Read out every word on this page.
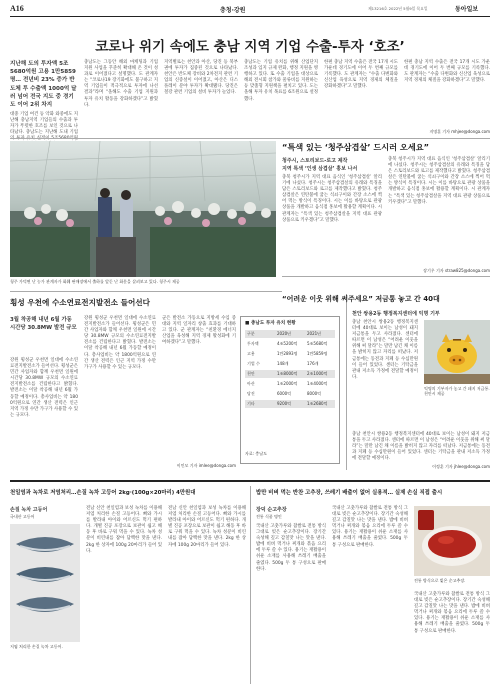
A16	충청·강원	제13216호 2022년 5월9일 목요일	동아일보
코로나 위기 속에도 충남 지역 기업 수출-투자 ‘호조’
지난해 도의 투자액 5조5680억원 고용 1만5859명… 전년비 23% 증가 반도체 투 수출액 1000억 달러 넘어 전국 지도 중 경기도 이어 2위 차지
대중 기업 여건 등 악화 와중에도 지난해 충남지역 기업들의 수출과 투자가 뚜렷한 호조를 보인 것으로 나타났다. 충남도는 지난해 도내 기업
충남도는 그동안 해외 마케팅과 기업 지원 사업을 꾸준히 확대해 온 것이 성과로 이어졌다고 설명했다. 도 관계자는 “코로나19 장기화에도 불구하고 지역 기업들이 적극적으로 투자에 나선 결과”라며 “올해도 수출 기업 지원과 투자 유치 활동을 강화하겠다”고 밝혔다.
지역별로는 천안과 아산, 당진 등 북부권에 투자가 집중된 것으로 나타났다. 천안은 반도체 장비와 2차전지 관련 기업의 신증설이 이어졌고, 아산은 디스플레이 분야 투자가 확대됐다. 당진은 철강 관련 기업의 설비 투자가 늘었다.
충남도는 기업 유치를 위해 산업단지 조성과 입지 규제 완화, 행정 지원을 병행하고 있다. 또 수출 기업을 대상으로 해외 전시회 참가와 물류비를 지원하는 등 맞춤형 지원책을 펼치고 있다. 도는 올해 투자 유치 목표를 6조원으로 설정했다.
한편 충남 지역 수출은 전국 17개 시도 가운데 경기도에 이어 두 번째 규모를 기록했다. 도 관계자는 “수출 다변화와 신산업 육성으로 지역 경제의 체질을 강화하겠다”고 말했다.
한편 충남 지역 수출은 전국 17개 시도 가운데 경기도에 이어 두 번째 규모를 기록했다. 도 관계자는 “수출 다변화와 신산업 육성으로 지역 경제의 체질을 강화하겠다”고 말했다.
지명훈 기자 mhjee@donga.com
“특색 있는 ‘청주삼겹살’ 드시러 오세요”
청주시, 스토리보드-로고 제작
지역 특색 ‘인생 삼겹살’ 홍보 나서
충북 청주시가 지역 대표 음식인 ‘청주삼겹살’ 알리기에 나섰다. 청주시는 청주삼겹살의 유래와 특징을 담은 스토리보드와 로고를 제작했다고 밝혔다. 청주삼겹살은 연탄불에 굽는 석쇠구이와 간장 소스에 찍어 먹는 방식이 특징이다. 시는 이를 바탕으로 관광 상품을 개발하고 음식점 홍보에 활용할 계획이다. 시 관계자는 “특색 있는 청주삼겹살을 지역 대표 관광 상품으로 키우겠다”고 말했다.
충북 청주시가 지역 대표 음식인 ‘청주삼겹살’ 알리기에 나섰다. 청주시는 청주삼겹살의 유래와 특징을 담은 스토리보드와 로고를 제작했다고 밝혔다. 청주삼겹살은 연탄불에 굽는 석쇠구이와 간장 소스에 찍어 먹는 방식이 특징이다. 시는 이를 바탕으로 관광 상품을 개발하고 음식점 홍보에 활용할 계획이다. 시 관계자는 “특색 있는 청주삼겹살을 지역 대표 관광 상품으로 키우겠다”고 말했다.
장기우 기자 straw825@donga.com
청주 가덕면 난 농가 관계자가 화훼 판매장에서 출하를 앞둔 난 화분을 살펴보고 있다. 청주시 제공
횡성 우천에 수소연료전지발전소 들어선다
3월 착공해 내년 6월 가동 시간당 30.8MW 발전 규모
강원 횡성군 우천면 일대에 수소연료전지발전소가 들어선다. 횡성군은 민간 사업자와 함께 우천면 일원에 시간당 30.8MW 규모의 수소연료전지발전소를 건립한다고 밝혔다. 발전소는 이달 착공해 내년 6월 가동할 예정이다. 총사업비는 약 1800억원으로 연간 생산 전력은 인근 지역 가정 수만 가구가 사용할 수 있는 규모다.
강원 횡성군 우천면 일대에 수소연료전지발전소가 들어선다. 횡성군은 민간 사업자와 함께 우천면 일원에 시간당 30.8MW 규모의 수소연료전지발전소를 건립한다고 밝혔다. 발전소는 이달 착공해 내년 6월 가동할 예정이다. 총사업비는 약 1800억원으로 연간 생산 전력은 인근 지역 가정 수만 가구가 사용할 수 있는 규모다.
군은 발전소 가동으로 지방세 수입 증대와 지역 일자리 창출 효과를 기대하고 있다. 군 관계자는 “친환경 에너지 산업을 육성해 지역 경제 활성화에 기여하겠다”고 말했다.
이인모 기자 imlee@donga.com
■ 충남도 투자 유치 현황
구분	2020년	2021년
투자액	4조5200억 5조5680억
고용	1만2893명 1만5859명
기업 수	148개	176개
천안	1조8000억 2조1000억
아산	1조2000억 1조4000억
당진	6000억	8000억
기타	9200억	1조2680억
자료: 충남도
“어려운 이웃 위해 써주세요” 저금통 놓고 간 40대
천안 쌍용2동 행정복지센터에 익명 기부
충남 천안시 쌍용2동 행정복지센터에 40대로 보이는 남성이 돼지 저금통을 두고 사라졌다. 센터에 따르면 이 남성은 “어려운 이웃을 위해 써 달라”는 말만 남긴 채 이름을 밝히지 않고 자리를 떠났다. 저금통에는 동전과 지폐 등 수십만원이 들어 있었다. 센터는 기탁금을 관내 저소득 가정에 전달할 예정이다.
충남 천안시 쌍용2동 행정복지센터에 40대로 보이는 남성이 돼지 저금통을 두고 사라졌다. 센터에 따르면 이 남성은 “어려운 이웃을 위해 써 달라”는 말만 남긴 채 이름을 밝히지 않고 자리를 떠났다. 저금통에는 동전과 지폐 등 수십만원이 들어 있었다. 센터는 기탁금을 관내 저소득 가정에 전달할 예정이다.
익명의 기부자가 놓고 간 돼지 저금통. 천안시 제공
이정훈 기자 jhlee@donga.com
천일염과 녹차로 저염처리…손질 녹차 고등어 2kg·(100g×20마리) 4만원대
손질 녹차 고등어
국내산 고등어
저염 처리한 손질 녹차 고등어.
전남 신안 천일염과 보성 녹차를 이용해 저염 처리한 손질 고등어다. 뼈와 가시를 발라내 아이와 어르신도 먹기 편하다. 개별 진공 포장으로 보관이 쉽고 해동 후 바로 구워 먹을 수 있다. 녹차 성분이 비린내를 잡아 담백한 맛을 낸다. 2kg 한 상자에 100g 20마리가 들어 있다.
전남 신안 천일염과 보성 녹차를 이용해 저염 처리한 손질 고등어다. 뼈와 가시를 발라내 아이와 어르신도 먹기 편하다. 개별 진공 포장으로 보관이 쉽고 해동 후 바로 구워 먹을 수 있다. 녹차 성분이 비린내를 잡아 담백한 맛을 낸다. 2kg 한 상자에 100g 20마리가 들어 있다.
밥만 비벼 먹는 반찬 고추장, 쓰레기 배출이 없어 실용적… 실제 손실 직접 출시
장덕 순고추장
전통 식품 명인
국내산 고춧가루와 찹쌀로 전통 방식 그대로 빚은 순고추장이다. 장기간 숙성해 깊고 감칠맛 나는 맛을 낸다. 밥에 비벼 먹거나 찌개와 볶음 요리에 두루 쓸 수 있다. 용기는 재활용이 쉬운 소재를 사용해 쓰레기 배출을 줄였다. 500g 두 통 구성으로 판매한다.
국내산 고춧가루와 찹쌀로 전통 방식 그대로 빚은 순고추장이다. 장기간 숙성해 깊고 감칠맛 나는 맛을 낸다. 밥에 비벼 먹거나 찌개와 볶음 요리에 두루 쓸 수 있다. 용기는 재활용이 쉬운 소재를 사용해 쓰레기 배출을 줄였다. 500g 두 통 구성으로 판매한다.
전통 방식으로 빚은 순고추장.
국내산 고춧가루와 찹쌀로 전통 방식 그대로 빚은 순고추장이다. 장기간 숙성해 깊고 감칠맛 나는 맛을 낸다. 밥에 비벼 먹거나 찌개와 볶음 요리에 두루 쓸 수 있다. 용기는 재활용이 쉬운 소재를 사용해 쓰레기 배출을 줄였다. 500g 두 통 구성으로 판매한다.
